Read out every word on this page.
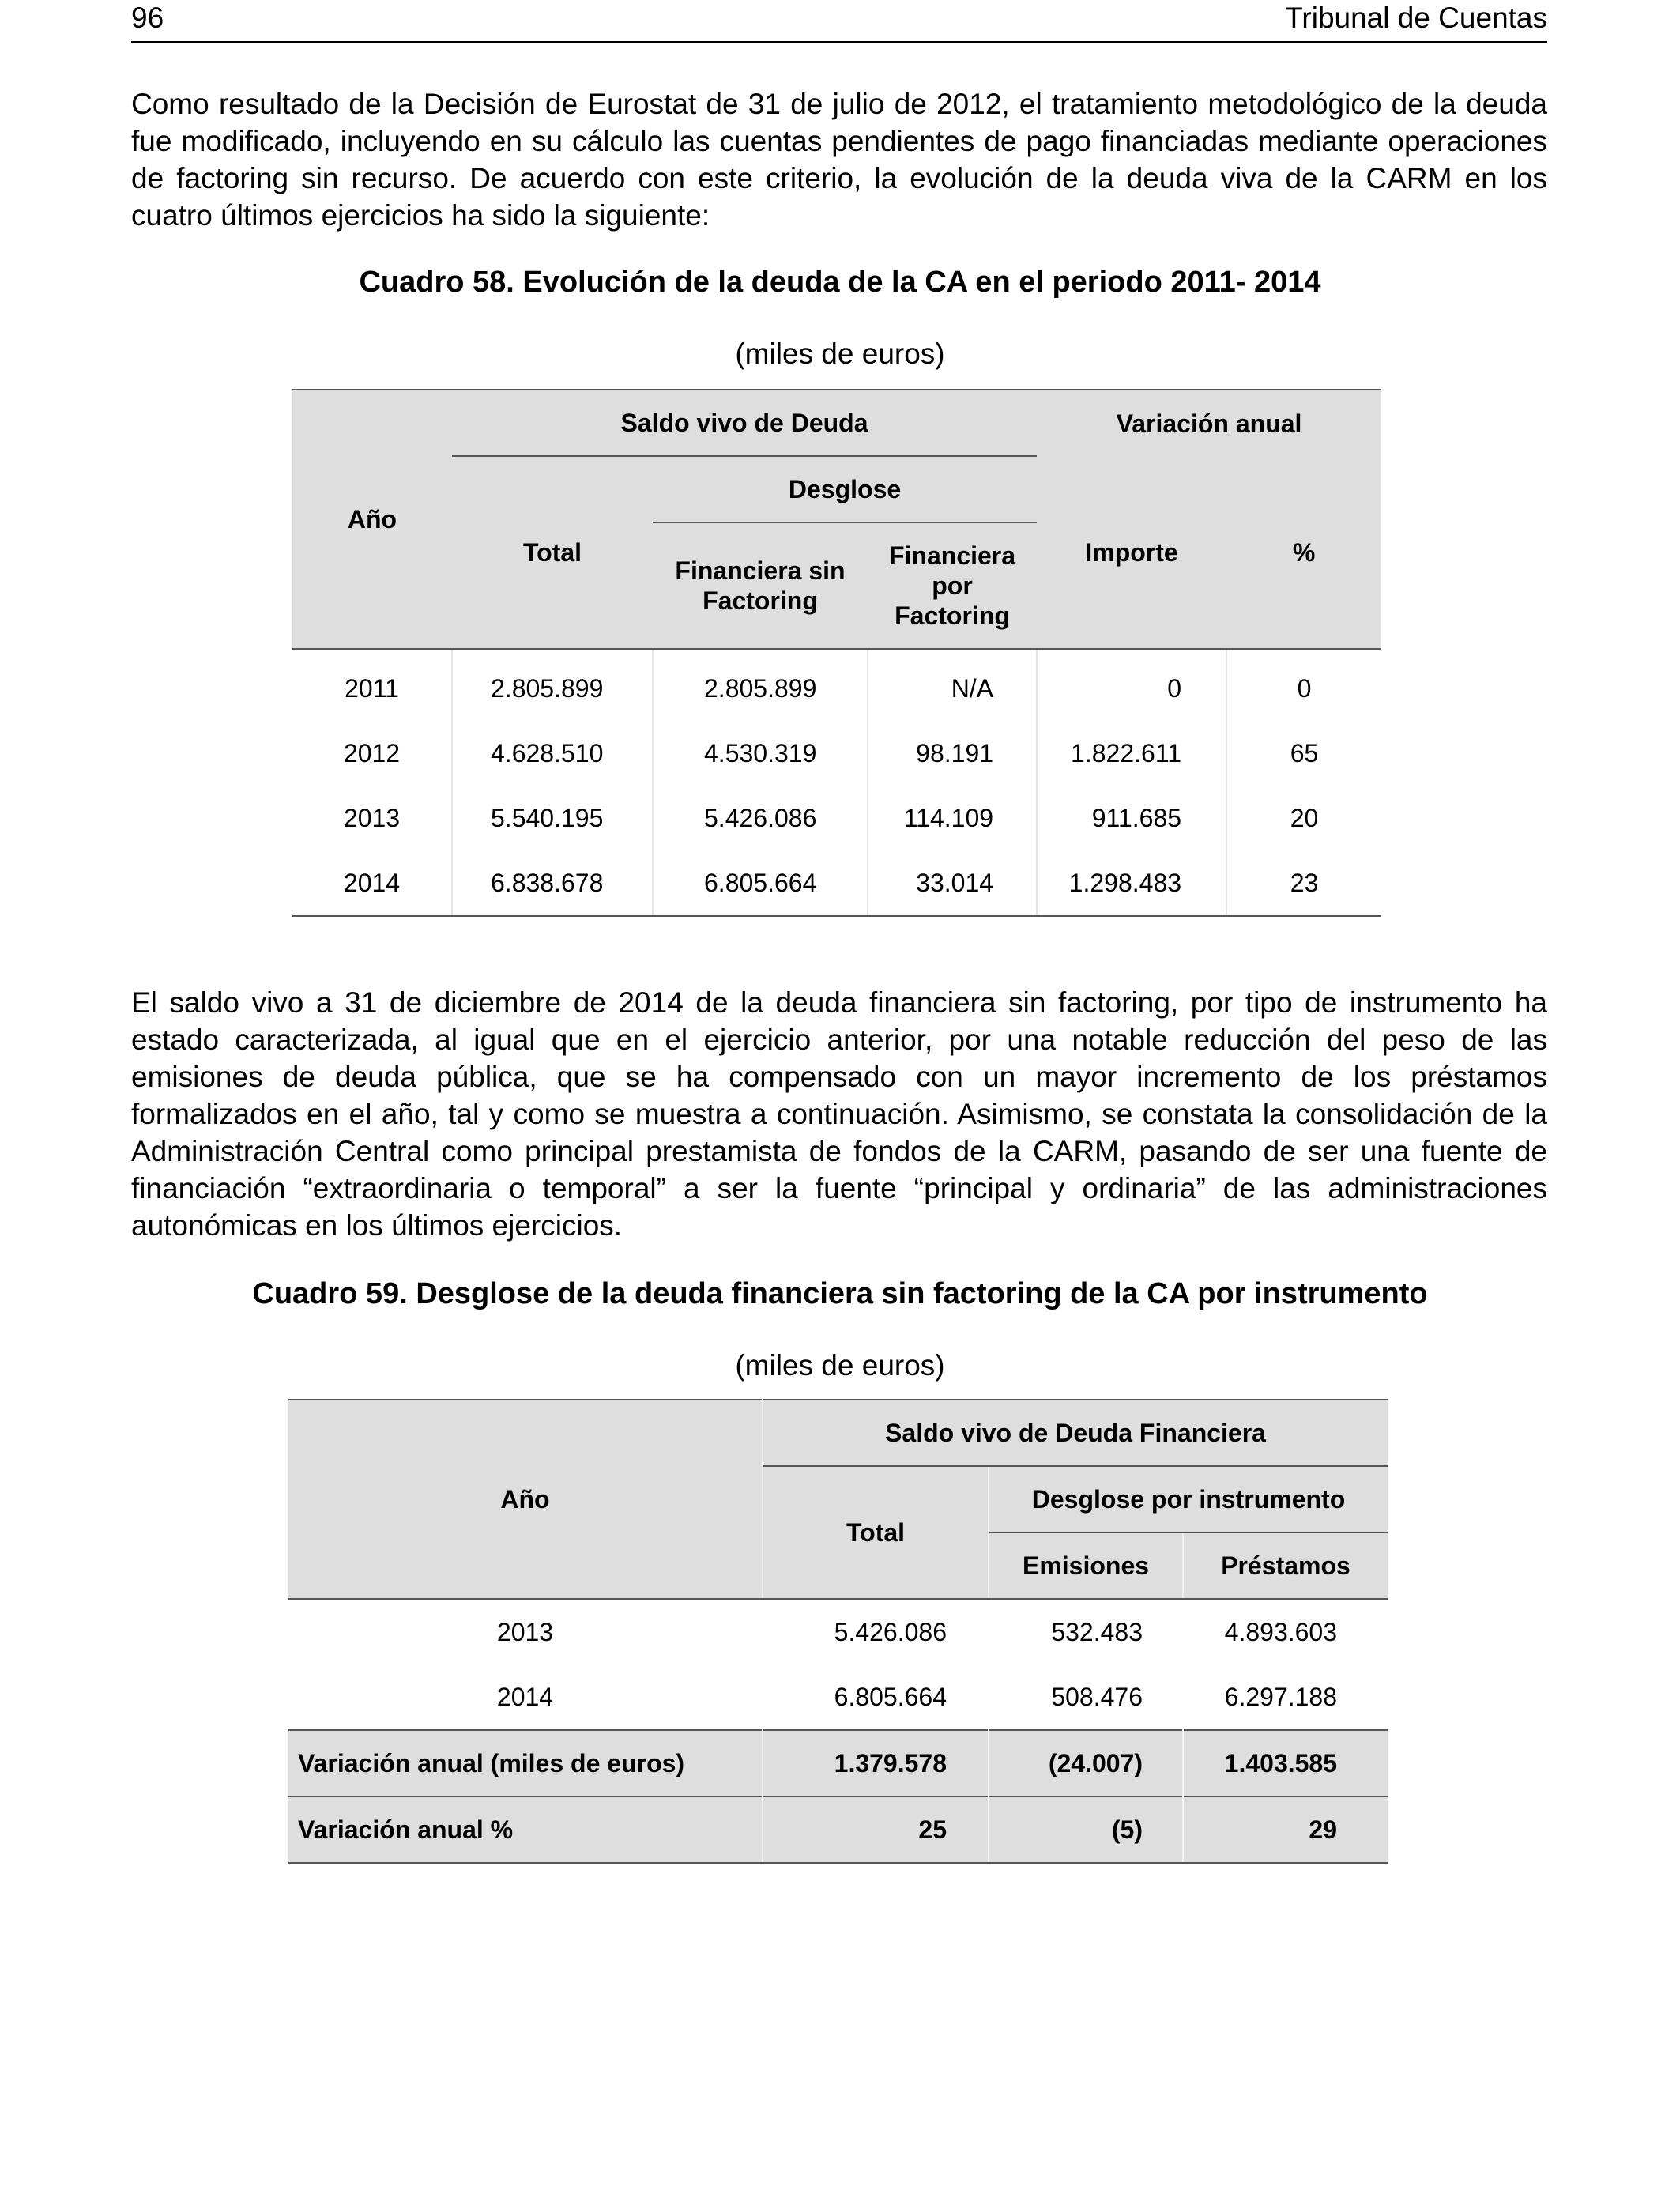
96	Tribunal de Cuentas

Como resultado de la Decisión de Eurostat de 31 de julio de 2012, el tratamiento metodológico de la deuda fue modificado, incluyendo en su cálculo las cuentas pendientes de pago financiadas mediante operaciones de factoring sin recurso. De acuerdo con este criterio, la evolución de la deuda viva de la CARM en los cuatro últimos ejercicios ha sido la siguiente:

Cuadro 58. Evolución de la deuda de la CA en el periodo 2011- 2014
(miles de euros)
Año	Saldo vivo de Deuda			Variación anual	
	Total	Desglose		Importe	%
		Financiera sin Factoring	Financiera por Factoring		
2011	2.805.899	2.805.899	N/A	0	0
2012	4.628.510	4.530.319	98.191	1.822.611	65
2013	5.540.195	5.426.086	114.109	911.685	20
2014	6.838.678	6.805.664	33.014	1.298.483	23

El saldo vivo a 31 de diciembre de 2014 de la deuda financiera sin factoring, por tipo de instrumento ha estado caracterizada, al igual que en el ejercicio anterior, por una notable reducción del peso de las emisiones de deuda pública, que se ha compensado con un mayor incremento de los préstamos formalizados en el año, tal y como se muestra a continuación. Asimismo, se constata la consolidación de la Administración Central como principal prestamista de fondos de la CARM, pasando de ser una fuente de financiación “extraordinaria o temporal” a ser la fuente “principal y ordinaria” de las administraciones autonómicas en los últimos ejercicios.

Cuadro 59. Desglose de la deuda financiera sin factoring de la CA por instrumento
(miles de euros)
Año	Saldo vivo de Deuda Financiera		
	Total	Desglose por instrumento	
		Emisiones	Préstamos
2013	5.426.086	532.483	4.893.603
2014	6.805.664	508.476	6.297.188
Variación anual (miles de euros)	1.379.578	(24.007)	1.403.585
Variación anual %	25	(5)	29
